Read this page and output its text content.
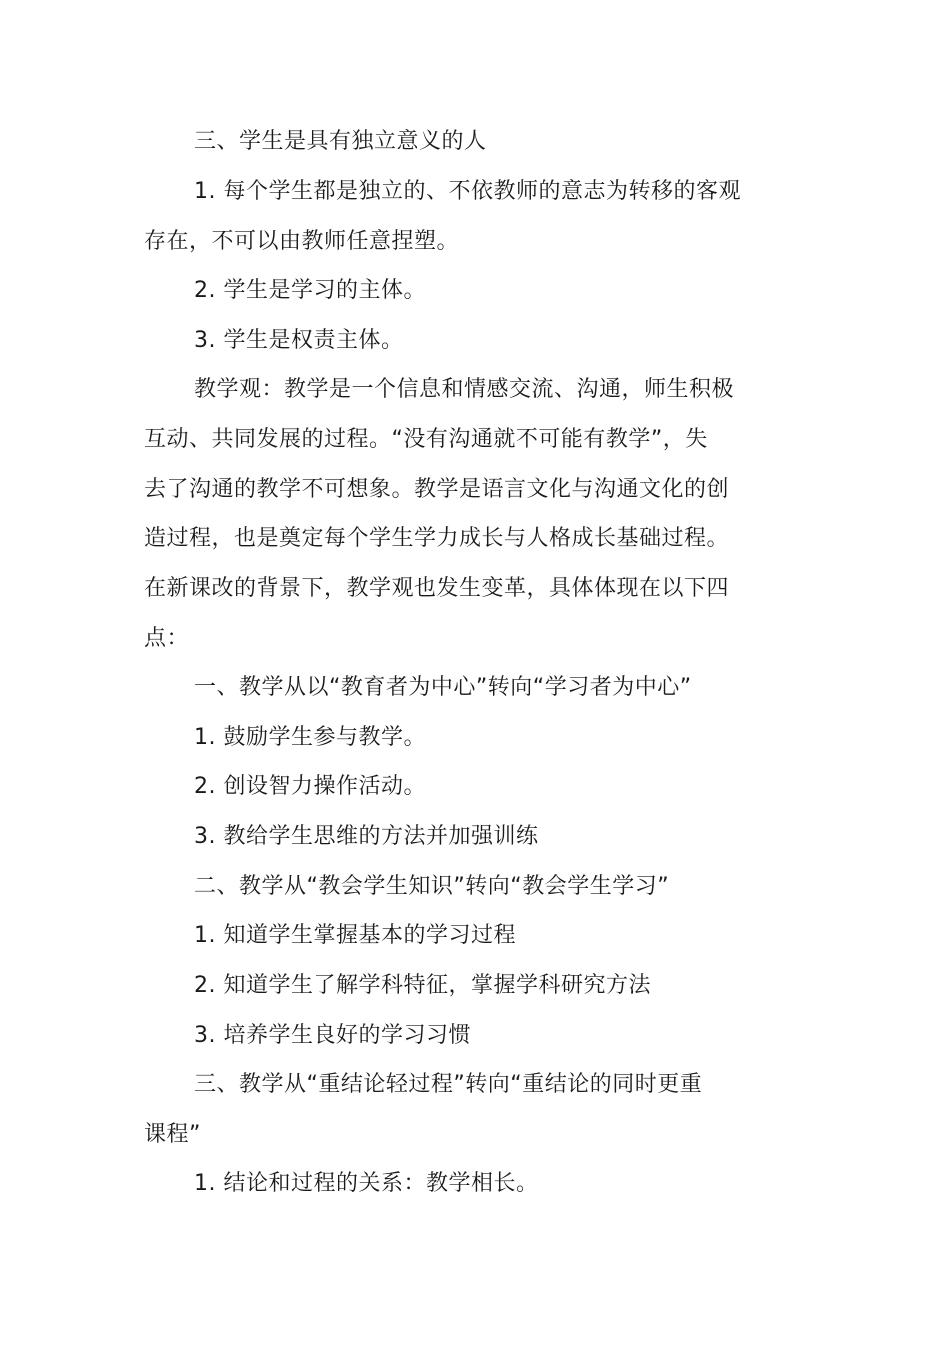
三、学生是具有独立意义的人
1. 每个学生都是独立的、不依教师的意志为转移的客观
存在，不可以由教师任意捏塑。
2. 学生是学习的主体。
3. 学生是权责主体。
教学观：教学是一个信息和情感交流、沟通，师生积极
互动、共同发展的过程。“没有沟通就不可能有教学”，失
去了沟通的教学不可想象。教学是语言文化与沟通文化的创
造过程，也是奠定每个学生学力成长与人格成长基础过程。
在新课改的背景下，教学观也发生变革，具体体现在以下四
点：
一、教学从以“教育者为中心”转向“学习者为中心”
1. 鼓励学生参与教学。
2. 创设智力操作活动。
3. 教给学生思维的方法并加强训练
二、教学从“教会学生知识”转向“教会学生学习”
1. 知道学生掌握基本的学习过程
2. 知道学生了解学科特征，掌握学科研究方法
3. 培养学生良好的学习习惯
三、教学从“重结论轻过程”转向“重结论的同时更重
课程”
1. 结论和过程的关系：教学相长。
